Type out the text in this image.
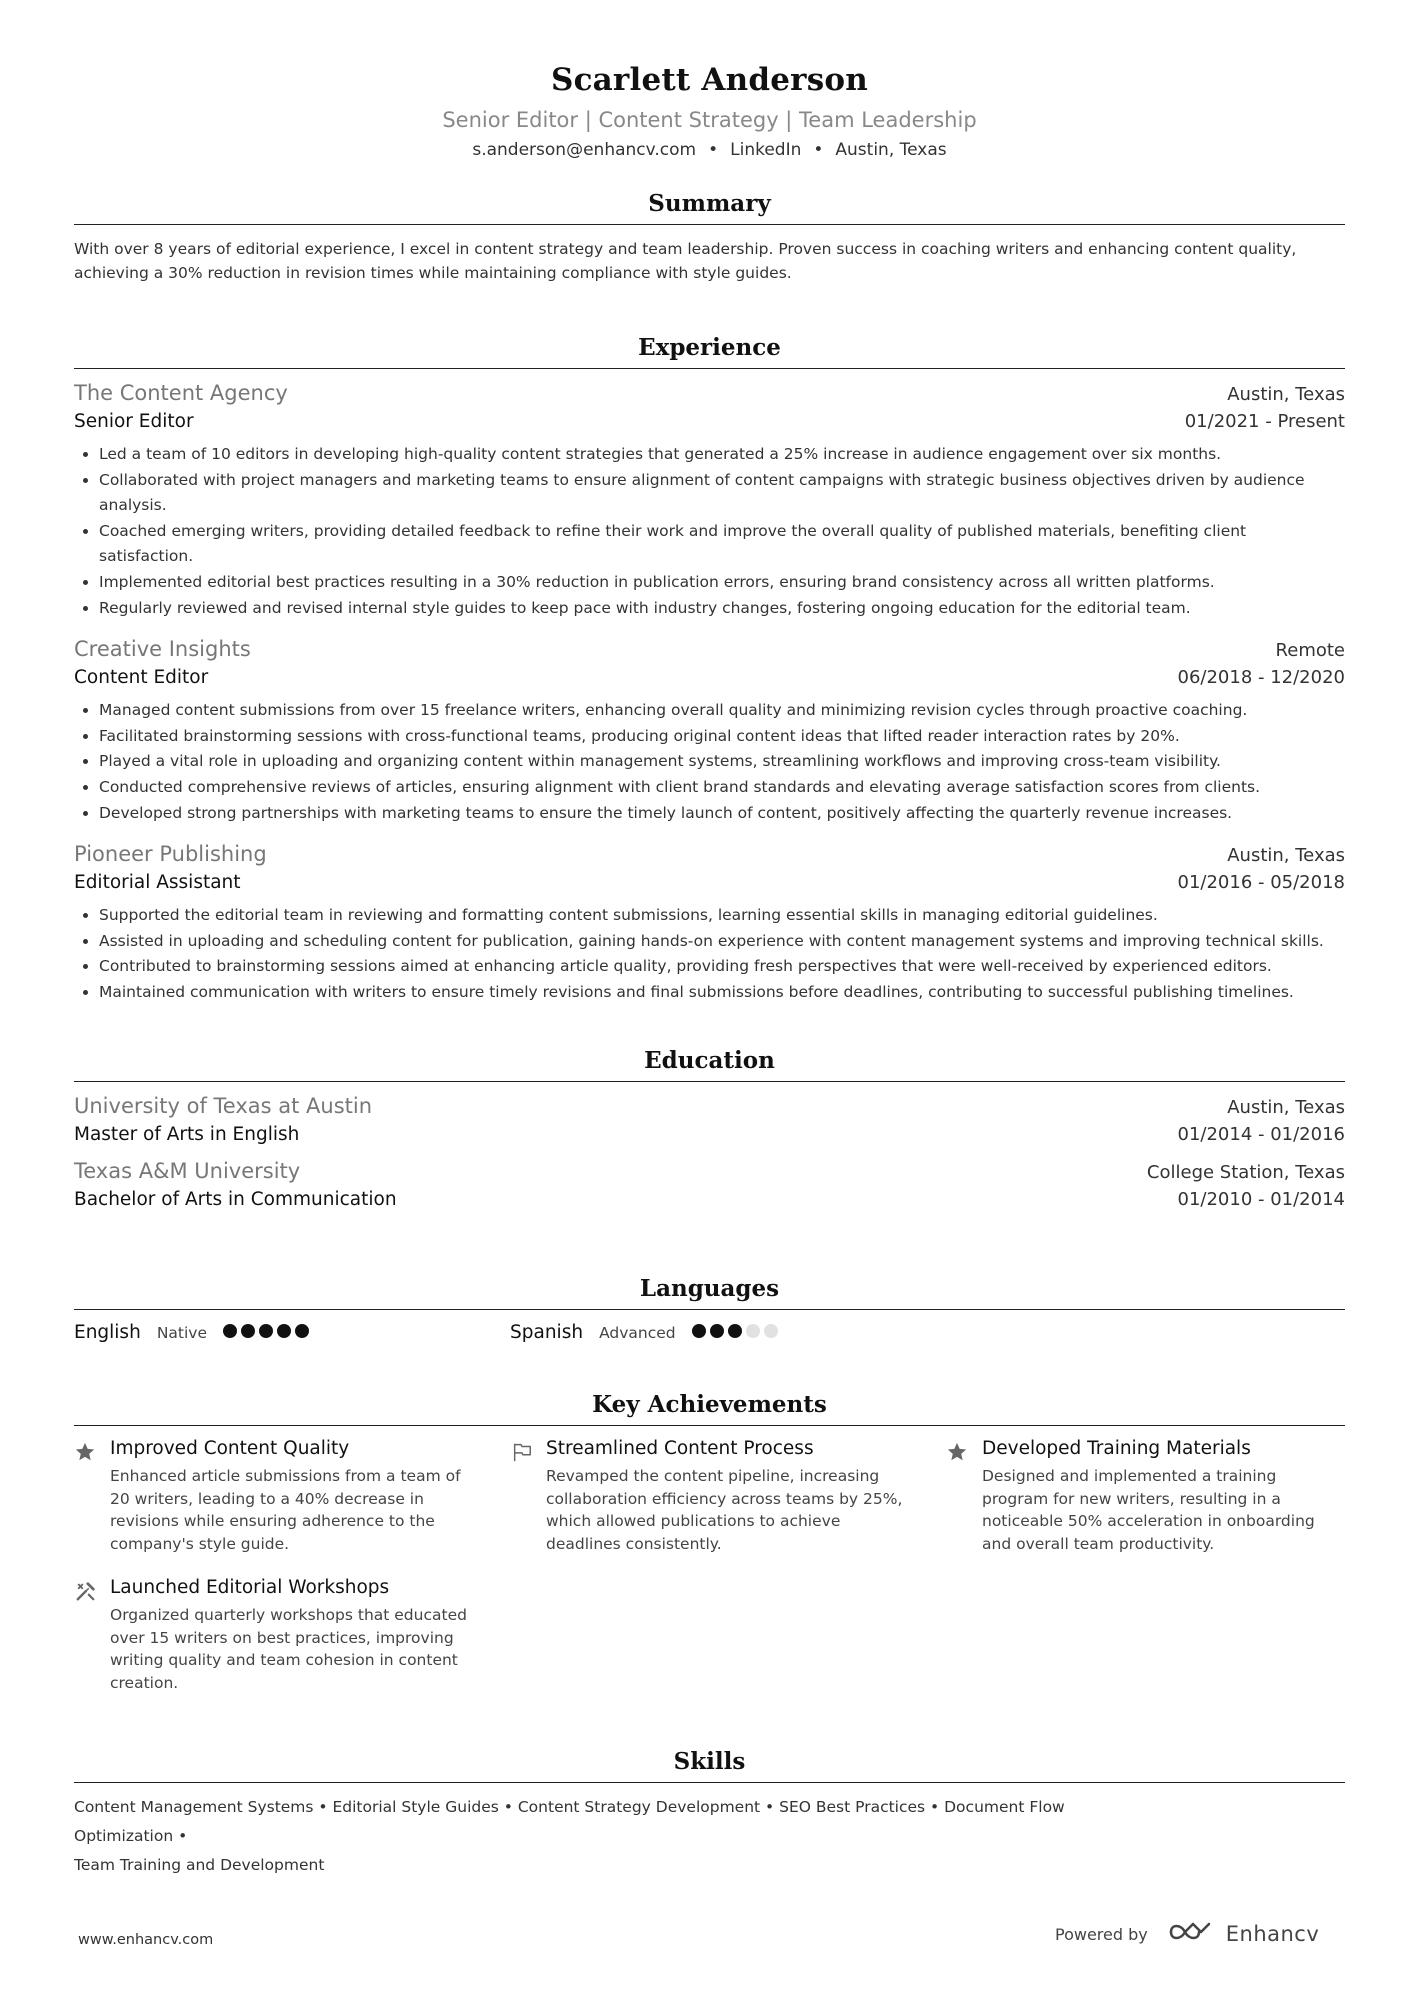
Scarlett Anderson
Senior Editor | Content Strategy | Team Leadership
s.anderson@enhancv.com • LinkedIn • Austin, Texas
Summary
With over 8 years of editorial experience, I excel in content strategy and team leadership. Proven success in coaching writers and enhancing content quality, achieving a 30% reduction in revision times while maintaining compliance with style guides.
Experience
The Content Agency	Austin, Texas
Senior Editor	01/2021 - Present
• Led a team of 10 editors in developing high-quality content strategies that generated a 25% increase in audience engagement over six months.
• Collaborated with project managers and marketing teams to ensure alignment of content campaigns with strategic business objectives driven by audience analysis.
• Coached emerging writers, providing detailed feedback to refine their work and improve the overall quality of published materials, benefiting client satisfaction.
• Implemented editorial best practices resulting in a 30% reduction in publication errors, ensuring brand consistency across all written platforms.
• Regularly reviewed and revised internal style guides to keep pace with industry changes, fostering ongoing education for the editorial team.
Creative Insights	Remote
Content Editor	06/2018 - 12/2020
• Managed content submissions from over 15 freelance writers, enhancing overall quality and minimizing revision cycles through proactive coaching.
• Facilitated brainstorming sessions with cross-functional teams, producing original content ideas that lifted reader interaction rates by 20%.
• Played a vital role in uploading and organizing content within management systems, streamlining workflows and improving cross-team visibility.
• Conducted comprehensive reviews of articles, ensuring alignment with client brand standards and elevating average satisfaction scores from clients.
• Developed strong partnerships with marketing teams to ensure the timely launch of content, positively affecting the quarterly revenue increases.
Pioneer Publishing	Austin, Texas
Editorial Assistant	01/2016 - 05/2018
• Supported the editorial team in reviewing and formatting content submissions, learning essential skills in managing editorial guidelines.
• Assisted in uploading and scheduling content for publication, gaining hands-on experience with content management systems and improving technical skills.
• Contributed to brainstorming sessions aimed at enhancing article quality, providing fresh perspectives that were well-received by experienced editors.
• Maintained communication with writers to ensure timely revisions and final submissions before deadlines, contributing to successful publishing timelines.
Education
University of Texas at Austin	Austin, Texas
Master of Arts in English	01/2014 - 01/2016
Texas A&M University	College Station, Texas
Bachelor of Arts in Communication	01/2010 - 01/2014
Languages
English Native	Spanish Advanced
Key Achievements
Improved Content Quality
Enhanced article submissions from a team of 20 writers, leading to a 40% decrease in revisions while ensuring adherence to the company's style guide.
Streamlined Content Process
Revamped the content pipeline, increasing collaboration efficiency across teams by 25%, which allowed publications to achieve deadlines consistently.
Developed Training Materials
Designed and implemented a training program for new writers, resulting in a noticeable 50% acceleration in onboarding and overall team productivity.
Launched Editorial Workshops
Organized quarterly workshops that educated over 15 writers on best practices, improving writing quality and team cohesion in content creation.
Skills
Content Management Systems • Editorial Style Guides • Content Strategy Development • SEO Best Practices • Document Flow Optimization •
Team Training and Development
www.enhancv.com	Powered by	Enhancv
